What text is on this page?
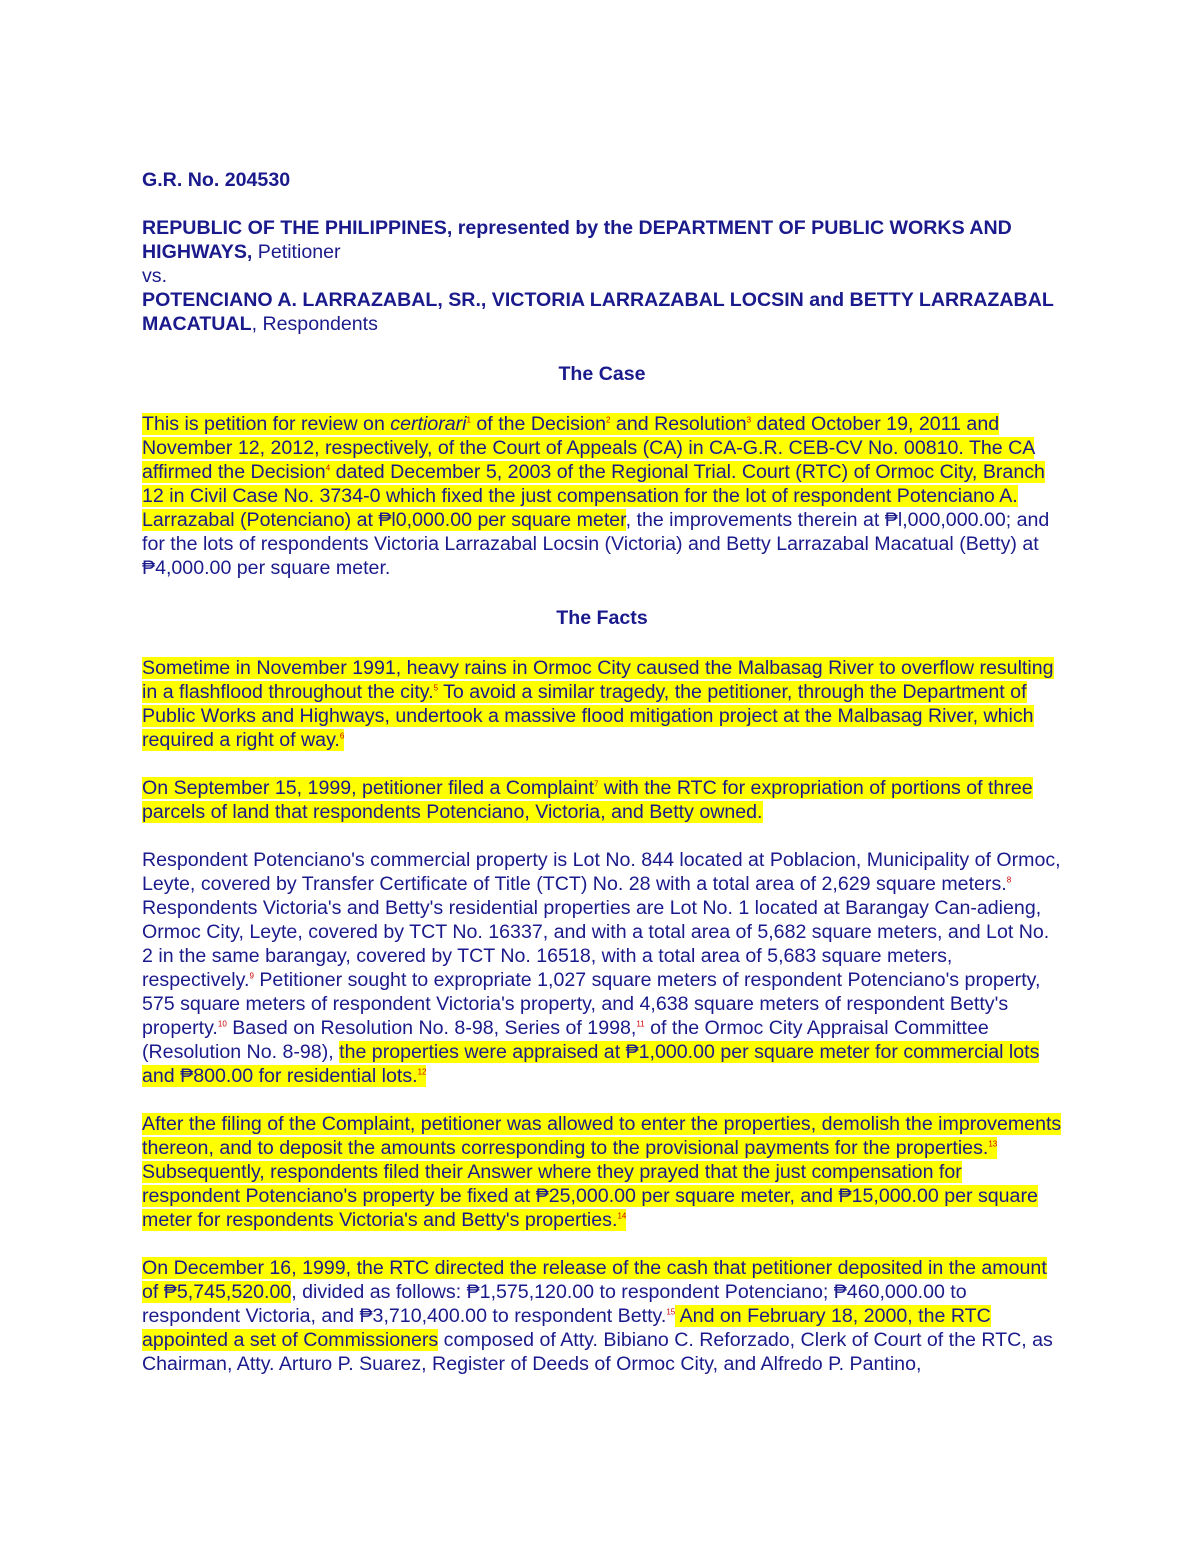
G.R. No. 204530

REPUBLIC OF THE PHILIPPINES, represented by the DEPARTMENT OF PUBLIC WORKS AND HIGHWAYS, Petitioner

vs.

POTENCIANO A. LARRAZABAL, SR., VICTORIA LARRAZABAL LOCSIN and BETTY LARRAZABAL MACATUAL, Respondents

The Case

This is petition for review on certiorari$^1$ of the Decision$^2$ and Resolution$^3$ dated October 19, 2011 and November 12, 2012, respectively, of the Court of Appeals (CA) in CA-G.R. CEB-CV No. 00810. The CA affirmed the Decision$^4$ dated December 5, 2003 of the Regional Trial. Court (RTC) of Ormoc City, Branch 12 in Civil Case No. 3734-0 which fixed the just compensation for the lot of respondent Potenciano A. Larrazabal (Potenciano) at ₱l0,000.00 per square meter, the improvements therein at ₱l,000,000.00; and for the lots of respondents Victoria Larrazabal Locsin (Victoria) and Betty Larrazabal Macatual (Betty) at ₱4,000.00 per square meter.

The Facts

Sometime in November 1991, heavy rains in Ormoc City caused the Malbasag River to overflow resulting in a flashflood throughout the city.$^5$ To avoid a similar tragedy, the petitioner, through the Department of Public Works and Highways, undertook a massive flood mitigation project at the Malbasag River, which required a right of way.$^6$

On September 15, 1999, petitioner filed a Complaint$^7$ with the RTC for expropriation of portions of three parcels of land that respondents Potenciano, Victoria, and Betty owned.

Respondent Potenciano's commercial property is Lot No. 844 located at Poblacion, Municipality of Ormoc, Leyte, covered by Transfer Certificate of Title (TCT) No. 28 with a total area of 2,629 square meters.$^8$ Respondents Victoria's and Betty's residential properties are Lot No. 1 located at Barangay Can-adieng, Ormoc City, Leyte, covered by TCT No. 16337, and with a total area of 5,682 square meters, and Lot No. 2 in the same barangay, covered by TCT No. 16518, with a total area of 5,683 square meters, respectively.$^9$ Petitioner sought to expropriate 1,027 square meters of respondent Potenciano's property, 575 square meters of respondent Victoria's property, and 4,638 square meters of respondent Betty's property.$^{10}$ Based on Resolution No. 8-98, Series of 1998,11 of the Ormoc City Appraisal Committee (Resolution No. 8-98), the properties were appraised at ₱1,000.00 per square meter for commercial lots and ₱800.00 for residential lots.$^{12}$

After the filing of the Complaint, petitioner was allowed to enter the properties, demolish the improvements thereon, and to deposit the amounts corresponding to the provisional payments for the properties.$^{13}$ Subsequently, respondents filed their Answer where they prayed that the just compensation for respondent Potenciano's property be fixed at ₱25,000.00 per square meter, and ₱15,000.00 per square meter for respondents Victoria's and Betty's properties.$^{14}$

On December 16, 1999, the RTC directed the release of the cash that petitioner deposited in the amount of ₱5,745,520.00, divided as follows: ₱1,575,120.00 to respondent Potenciano; ₱460,000.00 to respondent Victoria, and ₱3,710,400.00 to respondent Betty.$^{15}$ And on February 18, 2000, the RTC appointed a set of Commissioners composed of Atty. Bibiano C. Reforzado, Clerk of Court of the RTC, as Chairman, Atty. Arturo P. Suarez, Register of Deeds of Ormoc City, and Alfredo P. Pantino,
